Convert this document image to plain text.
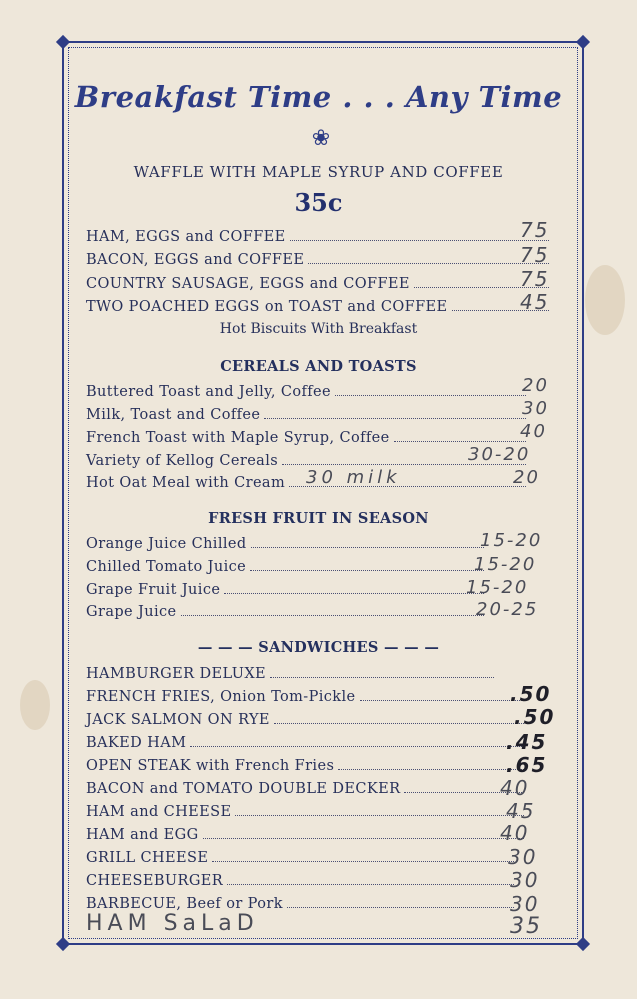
Breakfast Time . . . Any Time
❀
WAFFLE WITH MAPLE SYRUP AND COFFEE
35c
HAM, EGGS and COFFEE
BACON, EGGS and COFFEE
COUNTRY SAUSAGE, EGGS and COFFEE
TWO POACHED EGGS on TOAST and COFFEE
75
75
75
45
Hot Biscuits With Breakfast
CEREALS AND TOASTS
Buttered Toast and Jelly, Coffee
Milk, Toast and Coffee
French Toast with Maple Syrup, Coffee
Variety of Kellog Cereals
Hot Oat Meal with Cream
20
30
40
30-20
30 milk	20
FRESH FRUIT IN SEASON
Orange Juice Chilled
Chilled Tomato Juice
Grape Fruit Juice
Grape Juice
15-20
15-20
15-20
20-25
— — — SANDWICHES — — —
HAMBURGER DELUXE
FRENCH FRIES, Onion Tom-Pickle
JACK SALMON ON RYE
BAKED HAM
OPEN STEAK with French Fries
BACON and TOMATO DOUBLE DECKER
HAM and CHEESE
HAM and EGG
GRILL CHEESE
CHEESEBURGER
BARBECUE, Beef or Pork
.50
.50
.45
.65
40
45
40
30
30
30
HAM SaLaD	35
